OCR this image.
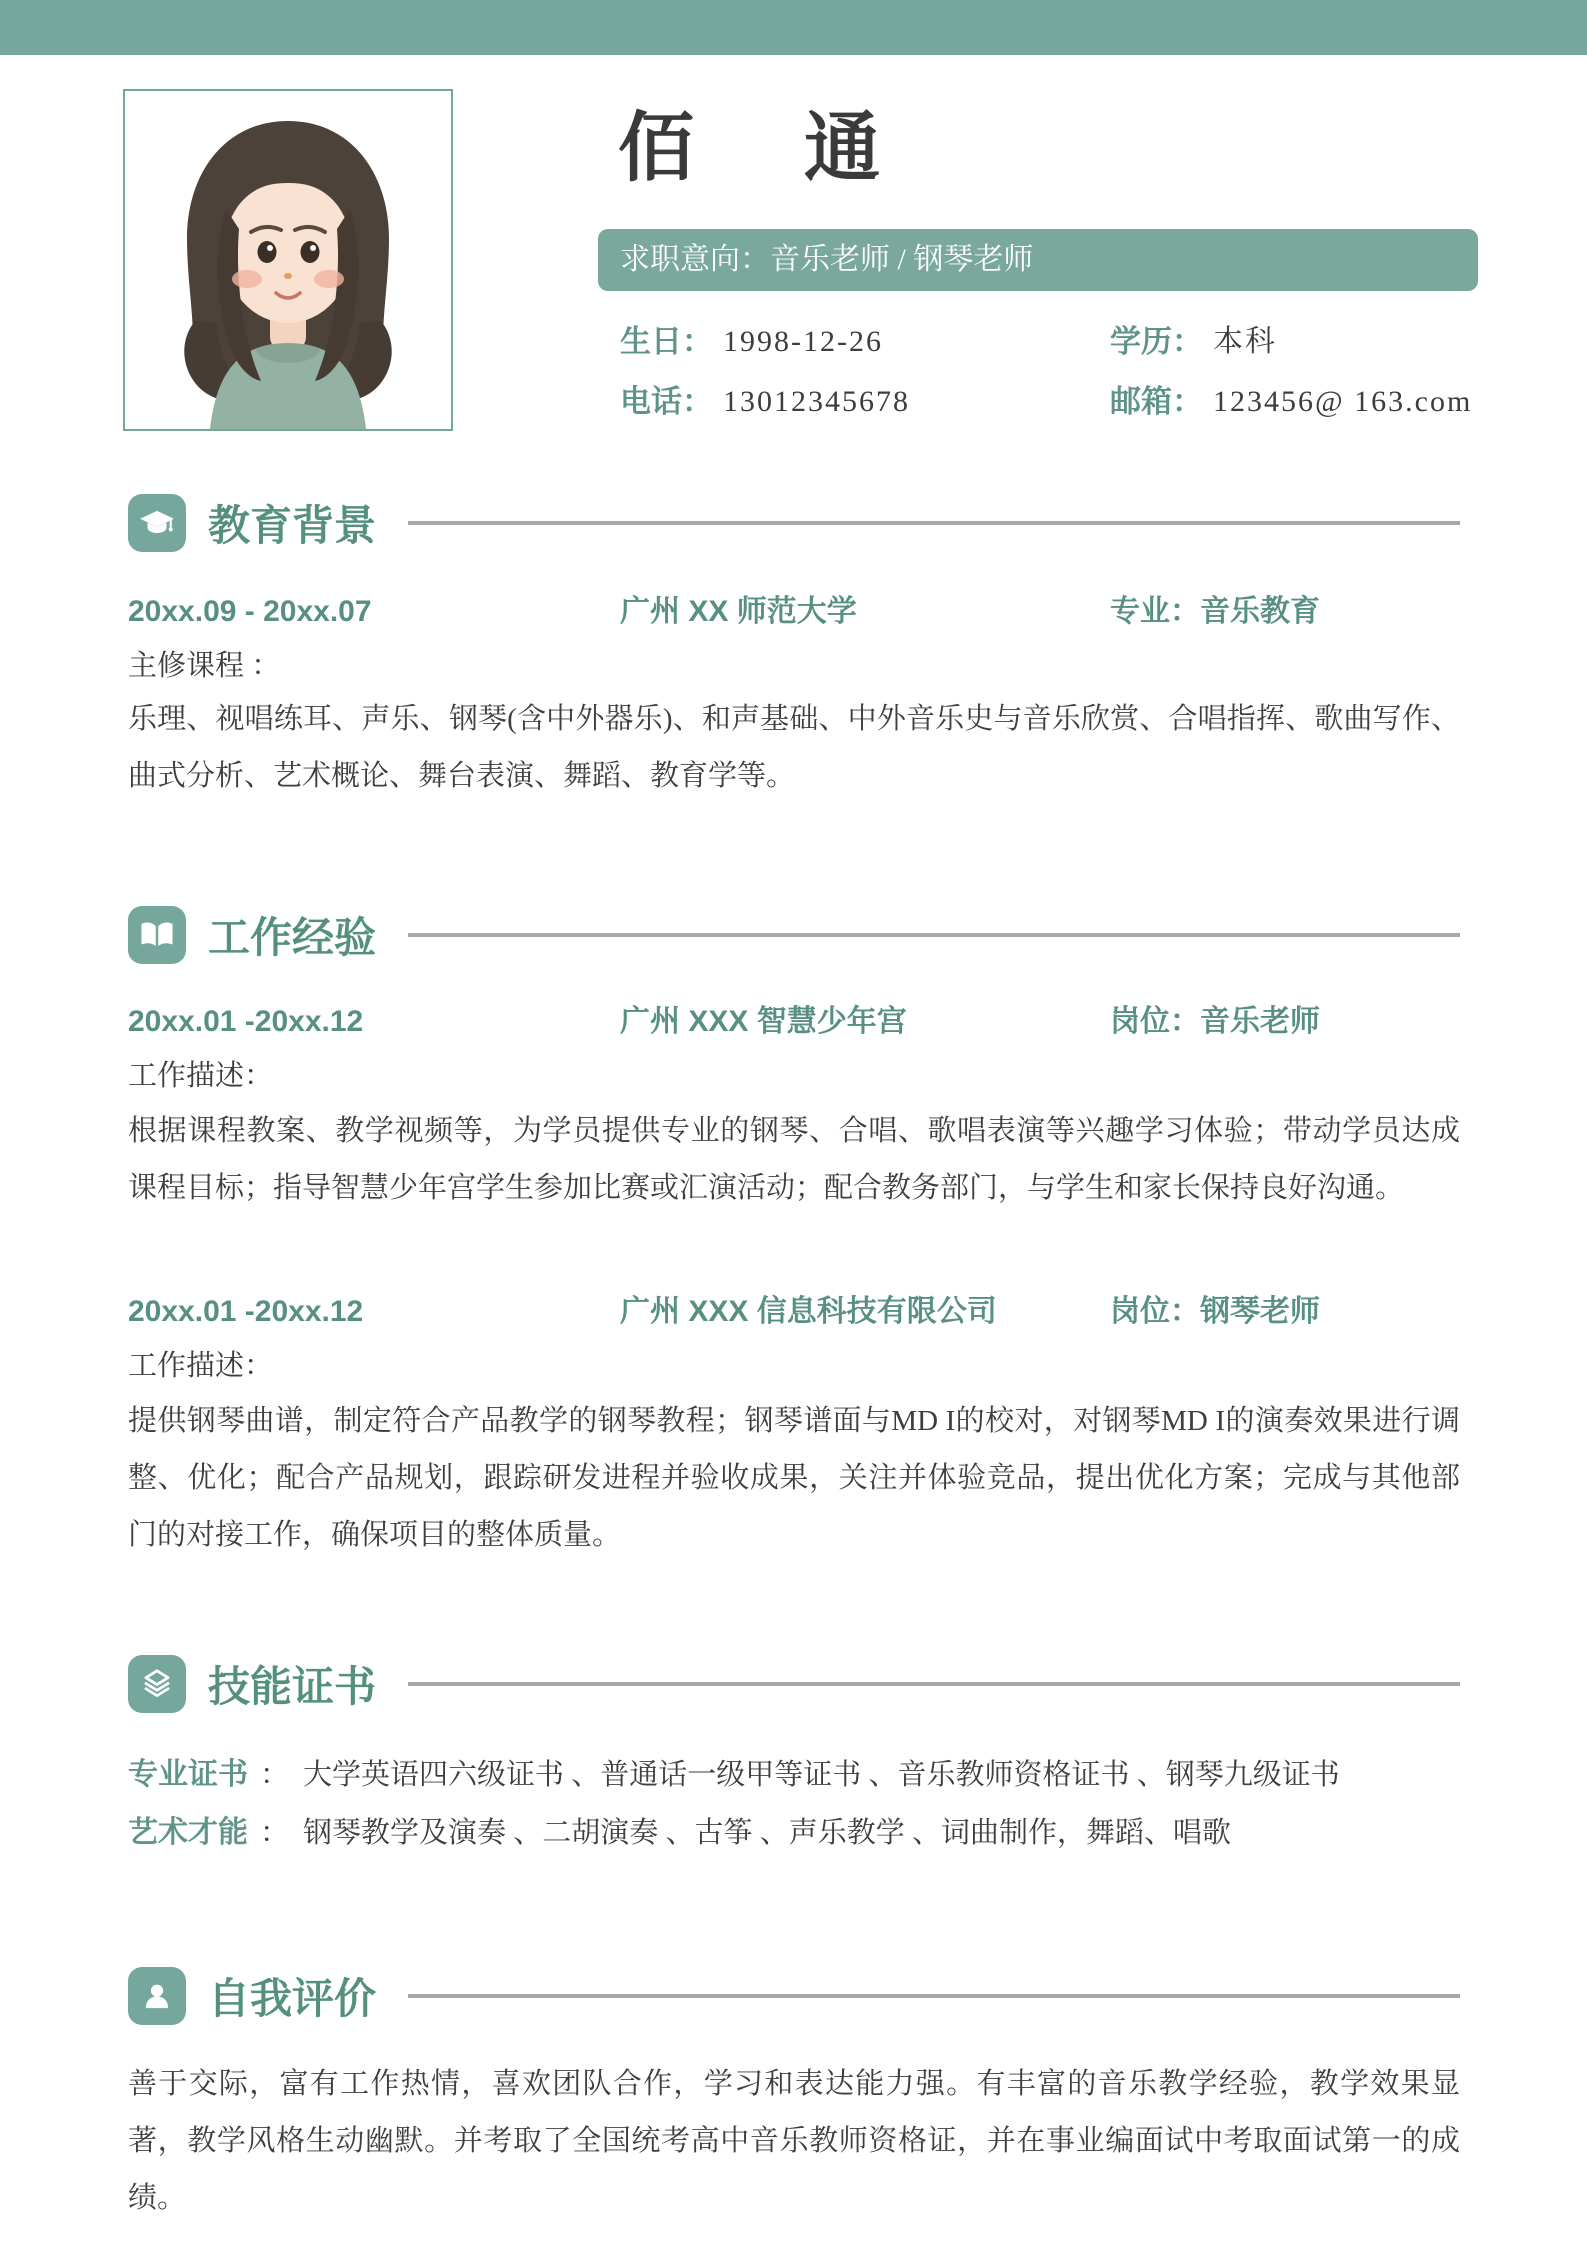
佰　通
求职意向：音乐老师 / 钢琴老师
生日： 1998-12-26	学历： 本科
电话： 13012345678	邮箱： 123456@ 163.com
教育背景
20xx.09 - 20xx.07	广州 XX 师范大学	专业：音乐教育
主修课程 ：

乐理、视唱练耳、声乐、钢琴(含中外器乐)、和声基础、中外音乐史与音乐欣赏、合唱指挥、歌曲写作、曲式分析、艺术概论、舞台表演、舞蹈、教育学等。

工作经验
20xx.01 -20xx.12	广州 XXX 智慧少年宫	岗位：音乐老师
工作描述：

根据课程教案、教学视频等，为学员提供专业的钢琴、合唱、歌唱表演等兴趣学习体验；带动学员达成课程目标；指导智慧少年宫学生参加比赛或汇演活动；配合教务部门，与学生和家长保持良好沟通。

20xx.01 -20xx.12	广州 XXX 信息科技有限公司	岗位：钢琴老师
工作描述：

提供钢琴曲谱，制定符合产品教学的钢琴教程；钢琴谱面与MD I的校对，对钢琴MD I的演奏效果进行调整、优化；配合产品规划，跟踪研发进程并验收成果，关注并体验竞品，提出优化方案；完成与其他部门的对接工作，确保项目的整体质量。

技能证书
专业证书 ： 大学英语四六级证书 、普通话一级甲等证书 、音乐教师资格证书 、钢琴九级证书
艺术才能 ： 钢琴教学及演奏 、二胡演奏 、古筝 、声乐教学 、词曲制作，舞蹈、唱歌
自我评价

善于交际，富有工作热情，喜欢团队合作，学习和表达能力强。有丰富的音乐教学经验，教学效果显著，教学风格生动幽默。并考取了全国统考高中音乐教师资格证，并在事业编面试中考取面试第一的成绩。
